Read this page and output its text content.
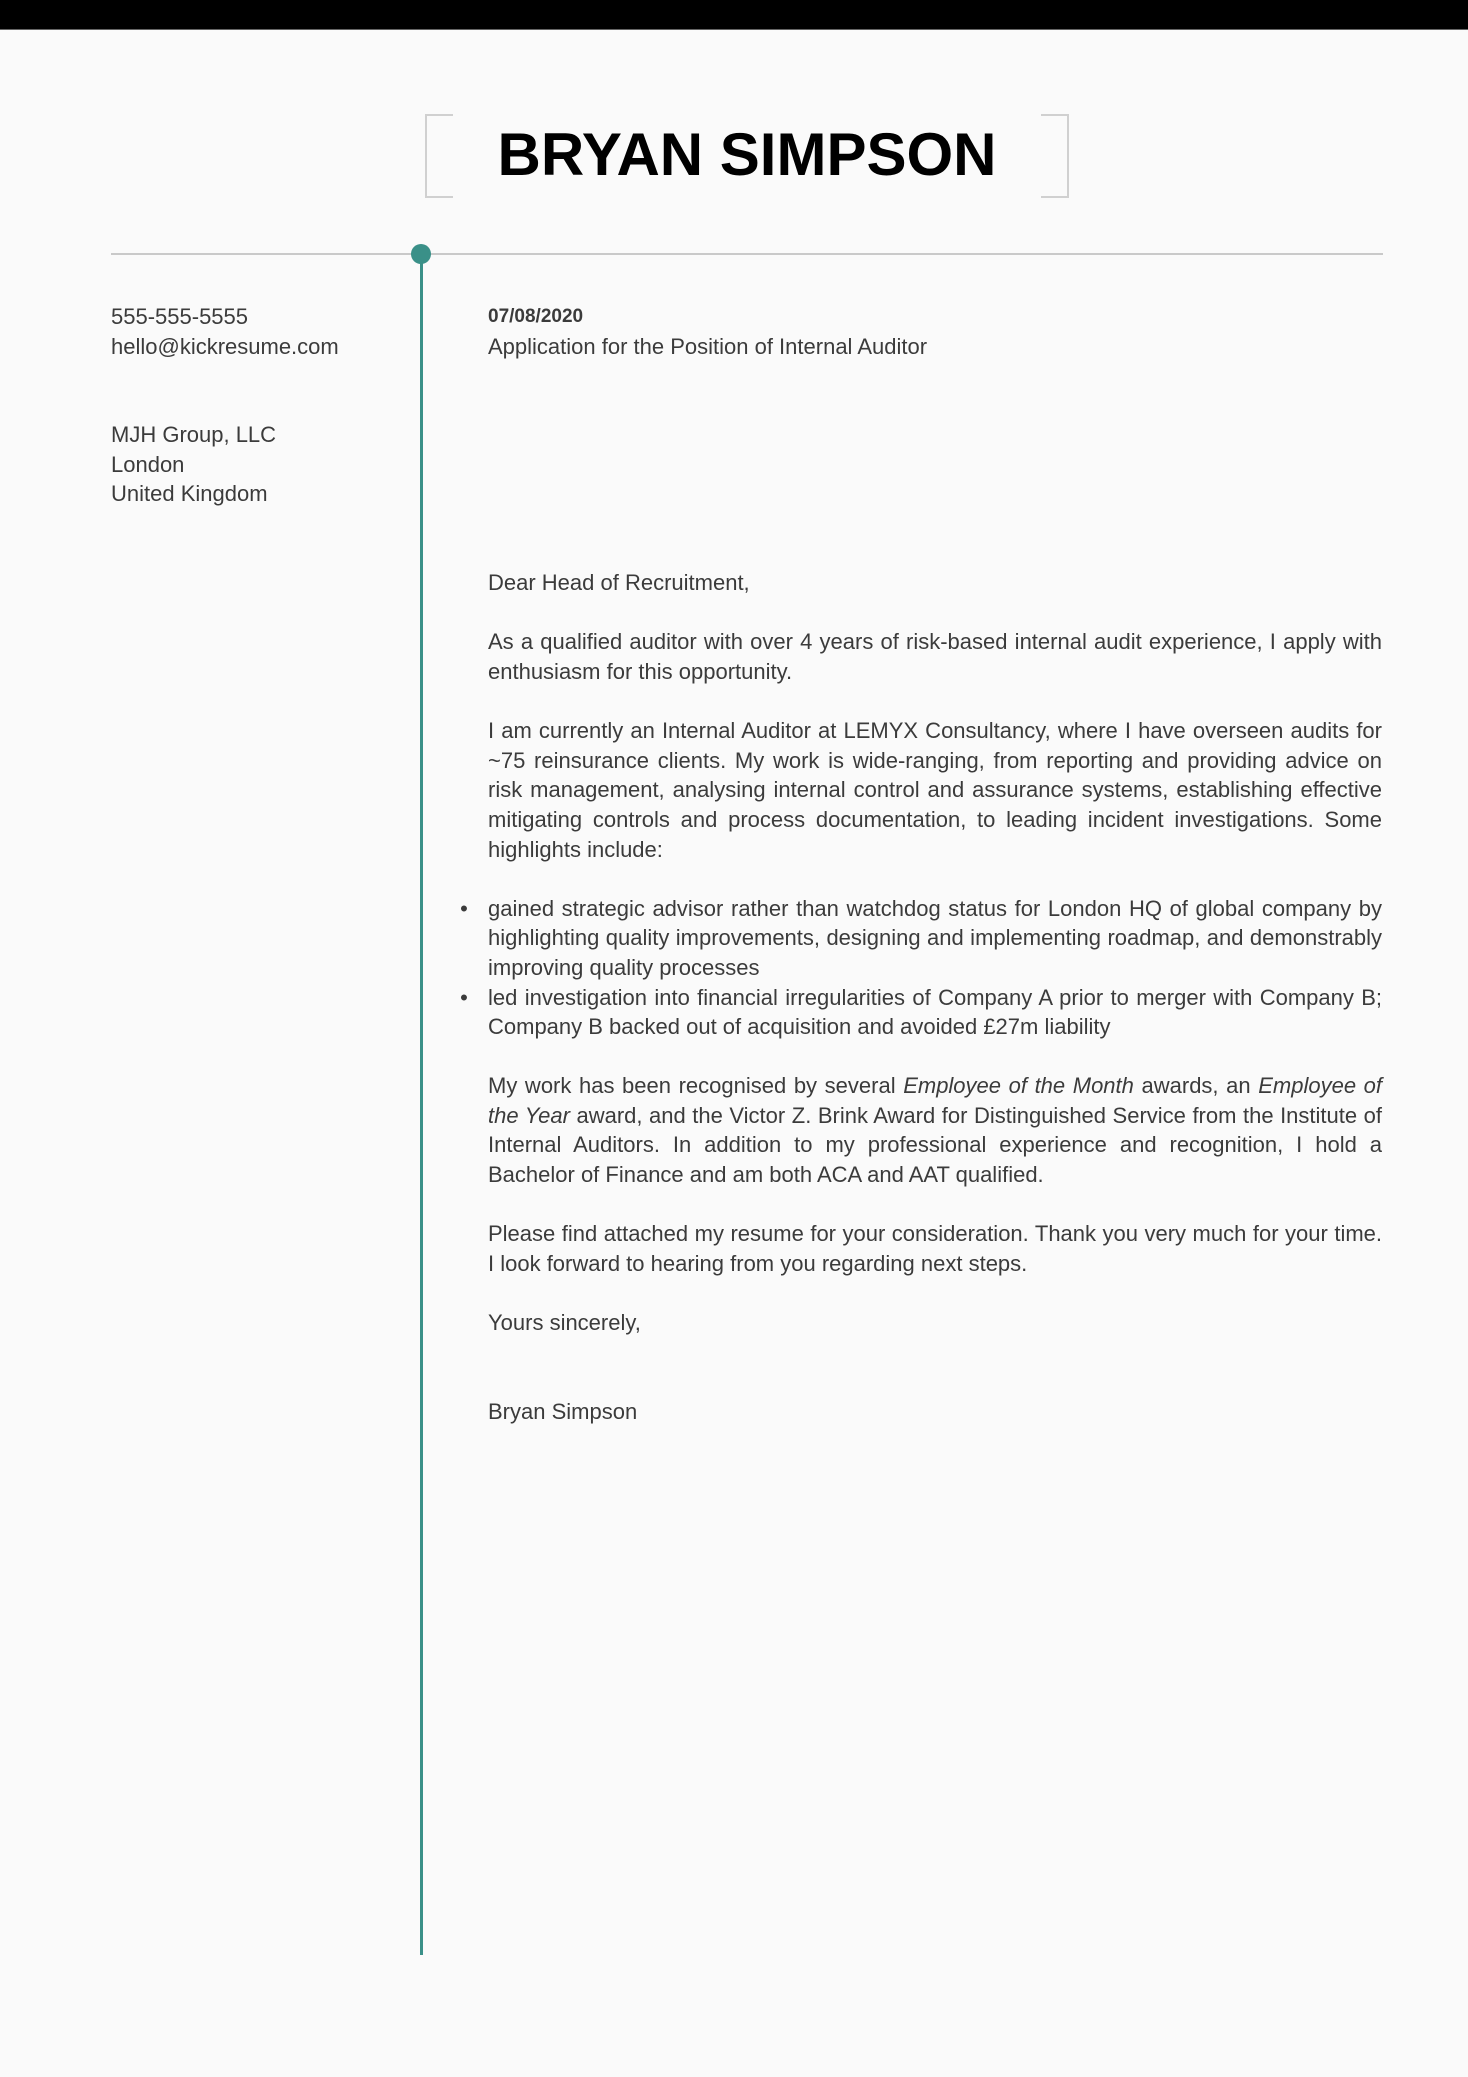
BRYAN SIMPSON
555-555-5555
hello@kickresume.com
MJH Group, LLC
London
United Kingdom
07/08/2020
Application for the Position of Internal Auditor

Dear Head of Recruitment,

As a qualified auditor with over 4 years of risk-based internal audit experience, I apply with enthusiasm for this opportunity.

I am currently an Internal Auditor at LEMYX Consultancy, where I have overseen audits for ~75 reinsurance clients. My work is wide-ranging, from reporting and providing advice on risk management, analysing internal control and assurance systems, establishing effective mitigating controls and process documentation, to leading incident investigations. Some highlights include:

• gained strategic advisor rather than watchdog status for London HQ of global company by highlighting quality improvements, designing and implementing roadmap, and demonstrably improving quality processes
• led investigation into financial irregularities of Company A prior to merger with Company B; Company B backed out of acquisition and avoided £27m liability

My work has been recognised by several Employee of the Month awards, an Employee of the Year award, and the Victor Z. Brink Award for Distinguished Service from the Institute of Internal Auditors. In addition to my professional experience and recognition, I hold a Bachelor of Finance and am both ACA and AAT qualified.

Please find attached my resume for your consideration. Thank you very much for your time. I look forward to hearing from you regarding next steps.

Yours sincerely,
Bryan Simpson
